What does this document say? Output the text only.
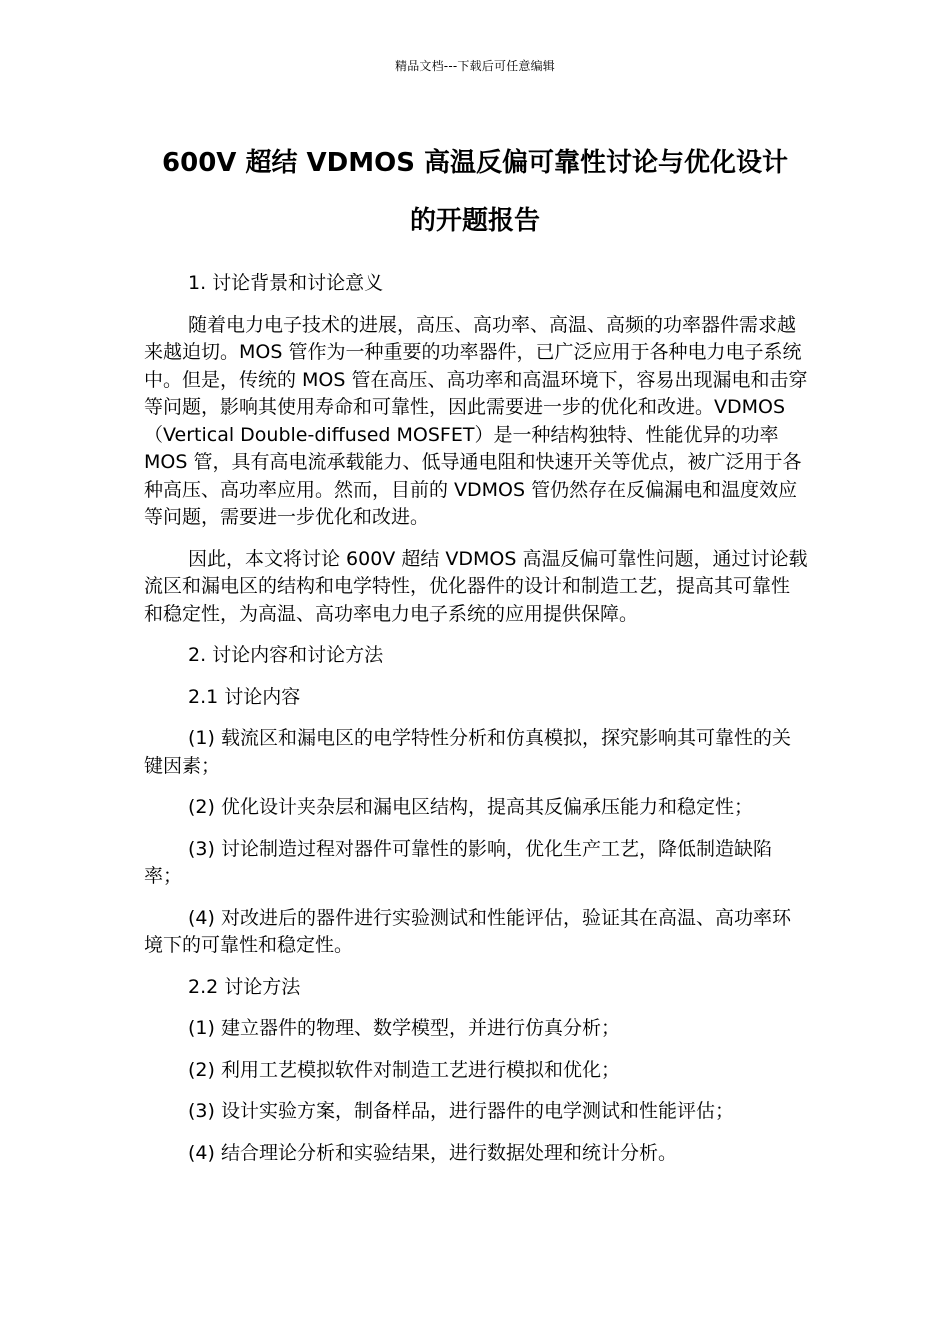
精品文档---下载后可任意编辑
600V 超结 VDMOS 高温反偏可靠性讨论与优化设计
的开题报告

1. 讨论背景和讨论意义

随着电力电子技术的进展，高压、高功率、高温、高频的功率器件需求越来越迫切。MOS 管作为一种重要的功率器件，已广泛应用于各种电力电子系统中。但是，传统的 MOS 管在高压、高功率和高温环境下，容易出现漏电和击穿等问题，影响其使用寿命和可靠性，因此需要进一步的优化和改进。VDMOS（Vertical Double-diffused MOSFET）是一种结构独特、性能优异的功率 MOS 管，具有高电流承载能力、低导通电阻和快速开关等优点，被广泛用于各种高压、高功率应用。然而，目前的 VDMOS 管仍然存在反偏漏电和温度效应等问题，需要进一步优化和改进。

因此，本文将讨论 600V 超结 VDMOS 高温反偏可靠性问题，通过讨论载流区和漏电区的结构和电学特性，优化器件的设计和制造工艺，提高其可靠性和稳定性，为高温、高功率电力电子系统的应用提供保障。

2. 讨论内容和讨论方法

2.1 讨论内容

(1) 载流区和漏电区的电学特性分析和仿真模拟，探究影响其可靠性的关键因素；

(2) 优化设计夹杂层和漏电区结构，提高其反偏承压能力和稳定性；

(3) 讨论制造过程对器件可靠性的影响，优化生产工艺，降低制造缺陷率；

(4) 对改进后的器件进行实验测试和性能评估，验证其在高温、高功率环境下的可靠性和稳定性。

2.2 讨论方法

(1) 建立器件的物理、数学模型，并进行仿真分析；

(2) 利用工艺模拟软件对制造工艺进行模拟和优化；

(3) 设计实验方案，制备样品，进行器件的电学测试和性能评估；

(4) 结合理论分析和实验结果，进行数据处理和统计分析。
